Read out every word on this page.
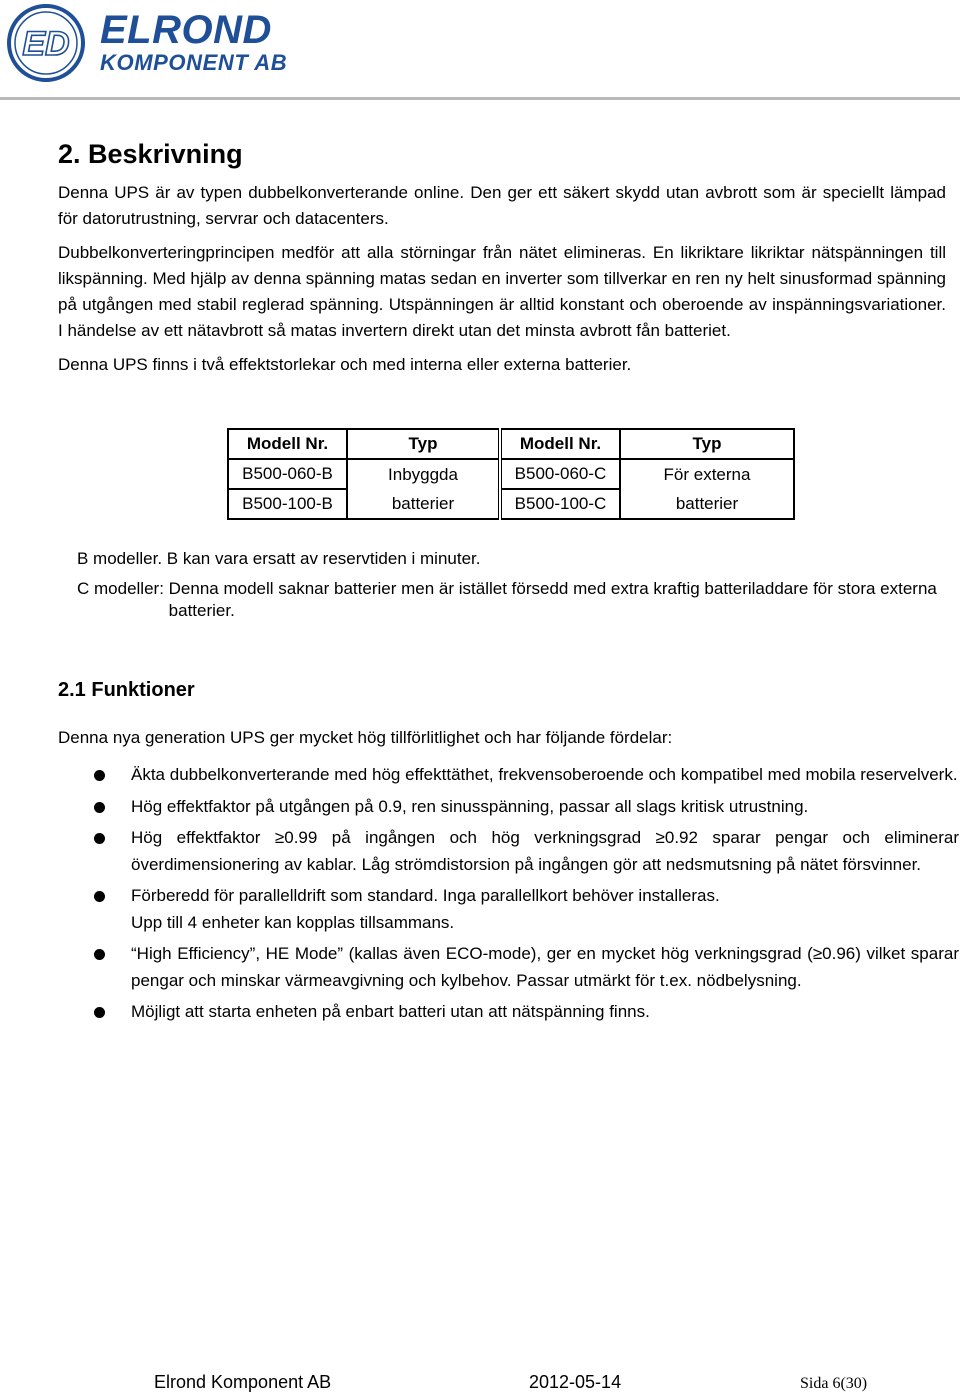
ED ELROND
KOMPONENT AB
2. Beskrivning

Denna UPS är av typen dubbelkonverterande online. Den ger ett säkert skydd utan avbrott som är speciellt lämpad för datorutrustning, servrar och datacenters.

Dubbelkonverteringprincipen medför att alla störningar från nätet elimineras. En likriktare likriktar nätspänningen till likspänning. Med hjälp av denna spänning matas sedan en inverter som tillverkar en ren ny helt sinusformad spänning på utgången med stabil reglerad spänning. Utspänningen är alltid konstant och oberoende av inspänningsvariationer. I händelse av ett nätavbrott så matas invertern direkt utan det minsta avbrott fån batteriet.

Denna UPS finns i två effektstorlekar och med interna eller externa batterier.

Modell Nr.	Typ	Modell Nr.	Typ
B500-060-B	Inbyggda	B500-060-C	För externa
B500-100-B	batterier	B500-100-C	batterier
B modeller.
B kan vara ersatt av reservtiden i minuter.
C modeller:
Denna modell saknar batterier men är istället försedd med extra kraftig batteriladdare för stora externa batterier.
2.1 Funktioner
Denna nya generation UPS ger mycket hög tillförlitlighet och har följande fördelar:
Äkta dubbelkonverterande med hög effekttäthet, frekvensoberoende och kompatibel med mobila reservelverk.
Hög effektfaktor på utgången på 0.9, ren sinusspänning, passar all slags kritisk utrustning.
Hög effektfaktor ≥0.99 på ingången och hög verkningsgrad ≥0.92 sparar pengar och eliminerar överdimensionering av kablar. Låg strömdistorsion på ingången gör att nedsmutsning på nätet försvinner.
Förberedd för parallelldrift som standard. Inga parallellkort behöver installeras.
Upp till 4 enheter kan kopplas tillsammans.
“High Efficiency”, HE Mode” (kallas även ECO-mode), ger en mycket hög verkningsgrad (≥0.96) vilket sparar pengar och minskar värmeavgivning och kylbehov. Passar utmärkt för t.ex. nödbelysning.
Möjligt att starta enheten på enbart batteri utan att nätspänning finns.
Elrond Komponent AB	2012-05-14	Sida 6(30)
